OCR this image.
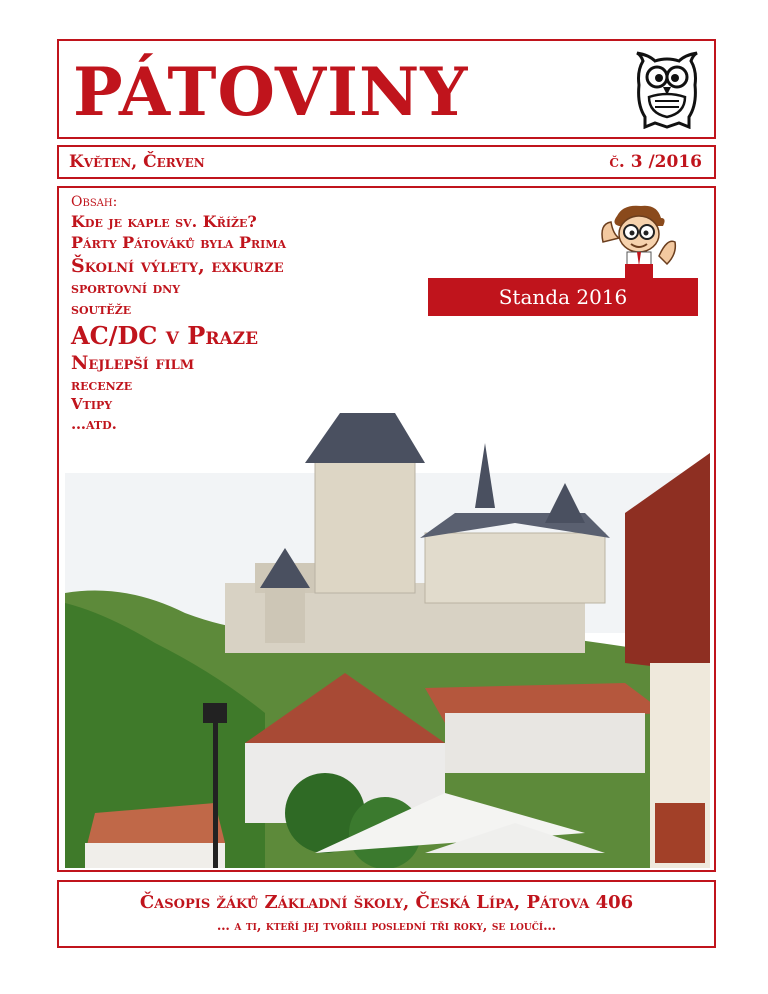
PÁTOVINY
Květen, Červen	č. 3 /2016
Obsah:
Kde je kaple sv. Kříže?
Párty Pátováků byla Prima
Školní výlety, exkurze
sportovní dny
soutěže
AC/DC v Praze
Nejlepší film
recenze
Vtipy
…atd.
Standa 2016
Časopis žáků Základní školy, Česká Lípa, Pátova 406
… a ti, kteří jej tvořili poslední tři roky, se loučí…
